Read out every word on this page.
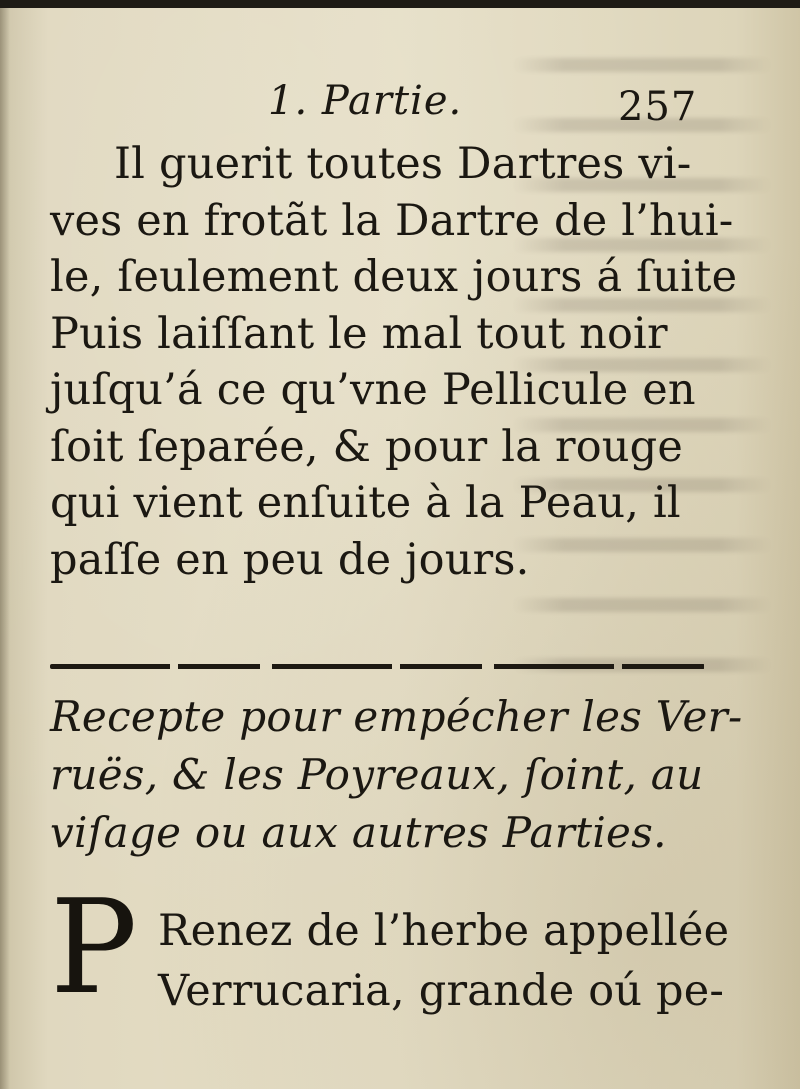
1. Partie.	257
Il guerit toutes Dartres vi-
ves en frotãt la Dartre de l’hui-
le, ſeulement deux jours á ſuite
Puis laiſſant le mal tout noir
juſqu’á ce qu’vne Pellicule en
ſoit ſeparée, & pour la rouge
qui vient enſuite à la Peau, il
paſſe en peu de jours.
Recepte pour empécher les Ver-
ruës, & les Poyreaux, ſoint, au
viſage ou aux autres Parties.
P Renez de l’herbe appellée
Verrucaria, grande oú pe-
